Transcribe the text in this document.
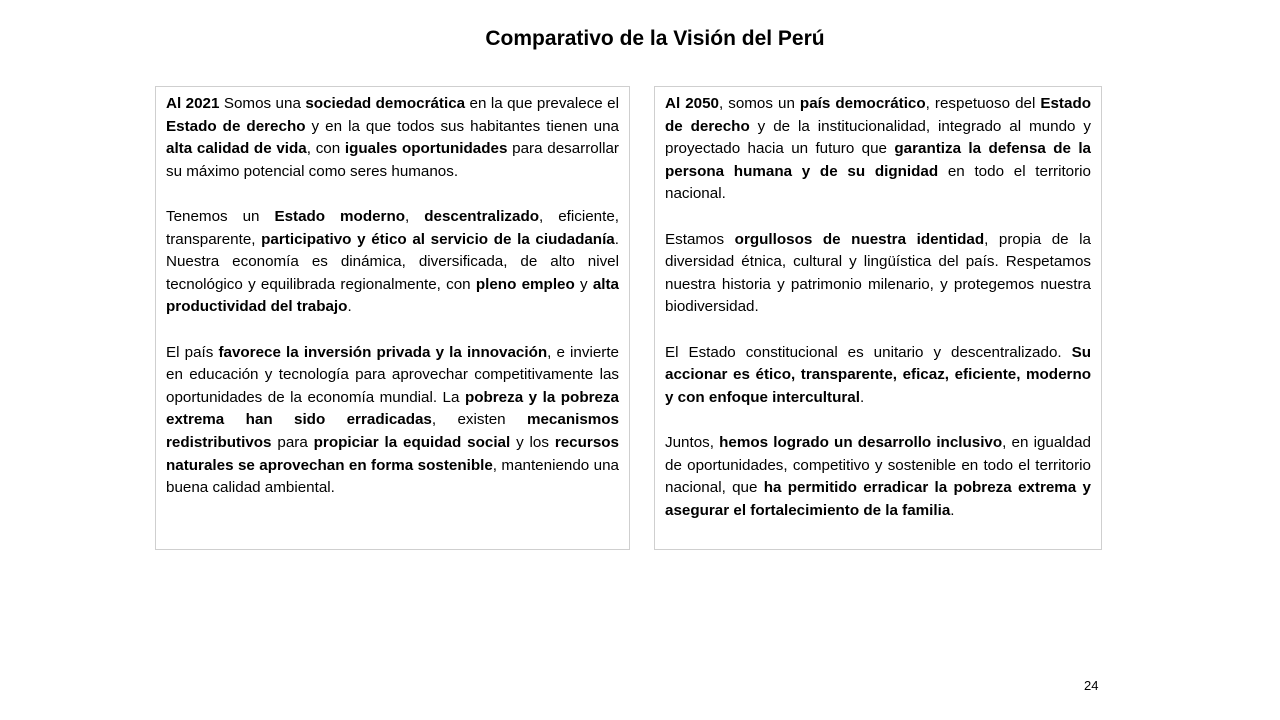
Comparativo de la Visión del Perú

Al 2021 Somos una sociedad democrática en la que prevalece el Estado de derecho y en la que todos sus habitantes tienen una alta calidad de vida, con iguales oportunidades para desarrollar su máximo potencial como seres humanos.

Tenemos un Estado moderno, descentralizado, eficiente, transparente, participativo y ético al servicio de la ciudadanía. Nuestra economía es dinámica, diversificada, de alto nivel tecnológico y equilibrada regionalmente, con pleno empleo y alta productividad del trabajo.

El país favorece la inversión privada y la innovación, e invierte en educación y tecnología para aprovechar competitivamente las oportunidades de la economía mundial. La pobreza y la pobreza extrema han sido erradicadas, existen mecanismos redistributivos para propiciar la equidad social y los recursos naturales se aprovechan en forma sostenible, manteniendo una buena calidad ambiental.

Al 2050, somos un país democrático, respetuoso del Estado de derecho y de la institucionalidad, integrado al mundo y proyectado hacia un futuro que garantiza la defensa de la persona humana y de su dignidad en todo el territorio nacional.

Estamos orgullosos de nuestra identidad, propia de la diversidad étnica, cultural y lingüística del país. Respetamos nuestra historia y patrimonio milenario, y protegemos nuestra biodiversidad.

El Estado constitucional es unitario y descentralizado. Su accionar es ético, transparente, eficaz, eficiente, moderno y con enfoque intercultural.

Juntos, hemos logrado un desarrollo inclusivo, en igualdad de oportunidades, competitivo y sostenible en todo el territorio nacional, que ha permitido erradicar la pobreza extrema y asegurar el fortalecimiento de la familia.

24
